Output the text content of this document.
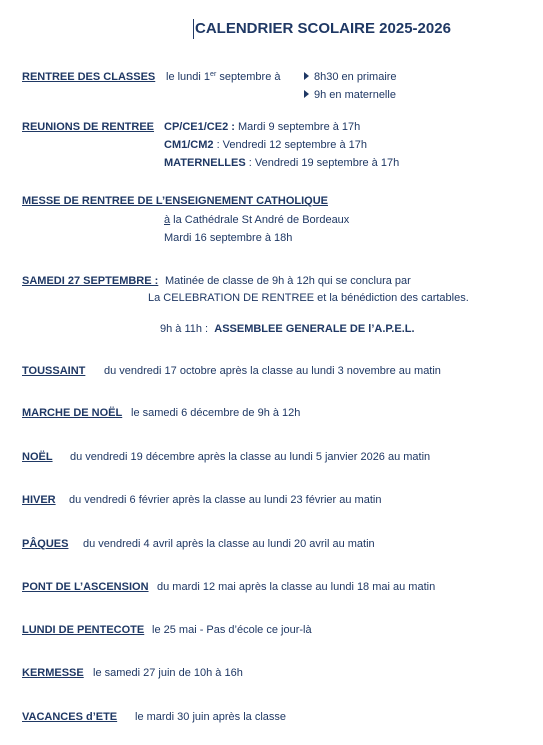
CALENDRIER SCOLAIRE 2025-2026
RENTREE DES CLASSES le lundi 1er septembre à	8h30 en primaire
9h en maternelle
REUNIONS DE RENTREE CP/CE1/CE2 : Mardi 9 septembre à 17h
CM1/CM2 : Vendredi 12 septembre à 17h
MATERNELLES : Vendredi 19 septembre à 17h
MESSE DE RENTREE DE L’ENSEIGNEMENT CATHOLIQUE
à la Cathédrale St André de Bordeaux
Mardi 16 septembre à 18h
SAMEDI 27 SEPTEMBRE : Matinée de classe de 9h à 12h qui se conclura par
La CELEBRATION DE RENTREE et la bénédiction des cartables.
9h à 11h : ASSEMBLEE GENERALE DE l’A.P.E.L.
TOUSSAINT du vendredi 17 octobre après la classe au lundi 3 novembre au matin
MARCHE DE NOËL le samedi 6 décembre de 9h à 12h
NOËL du vendredi 19 décembre après la classe au lundi 5 janvier 2026 au matin
HIVER du vendredi 6 février après la classe au lundi 23 février au matin
PÂQUES du vendredi 4 avril après la classe au lundi 20 avril au matin
PONT DE L’ASCENSION du mardi 12 mai après la classe au lundi 18 mai au matin
LUNDI DE PENTECOTE le 25 mai - Pas d’école ce jour-là
KERMESSE le samedi 27 juin de 10h à 16h
VACANCES d’ETE le mardi 30 juin après la classe
